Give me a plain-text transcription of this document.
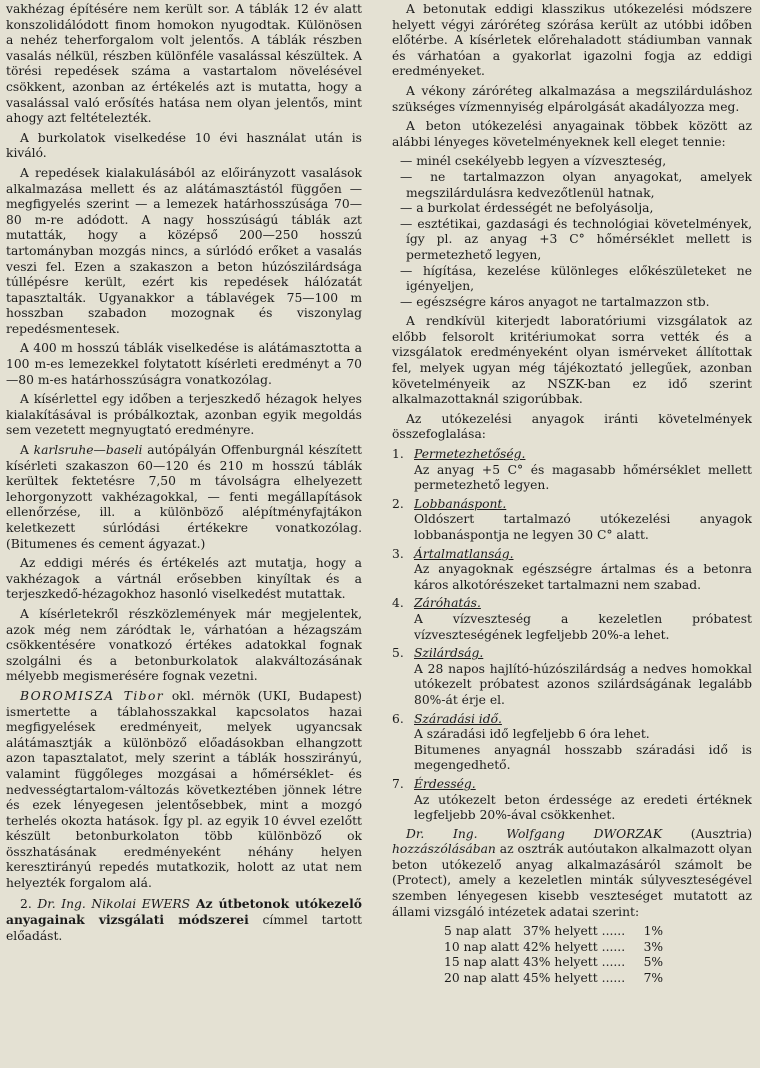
vakhézag építésére nem került sor. A táblák 12 év alatt konszolidálódott finom homokon nyugodtak. Különösen a nehéz teherforgalom volt jelentős. A táblák részben vasalás nélkül, részben különféle vasalással készültek. A törési repedések száma a vastartalom növelésével csökkent, azonban az értékelés azt is mutatta, hogy a vasalással való erősítés hatása nem olyan jelentős, mint ahogy azt feltételezték.

A burkolatok viselkedése 10 évi használat után is kiváló.

A repedések kialakulásából az előirányzott vasalások alkalmazása mellett és az alátámasztástól függően — megfigyelés szerint — a lemezek határhosszúsága 70—80 m-re adódott. A nagy hosszúságú táblák azt mutatták, hogy a középső 200—250 hosszú tartományban mozgás nincs, a súrlódó erőket a vasalás veszi fel. Ezen a szakaszon a beton húzószilárdsága túllépésre került, ezért kis repedések hálózatát tapasztalták. Ugyanakkor a táblavégek 75—100 m hosszban szabadon mozognak és viszonylag repedésmentesek.

A 400 m hosszú táblák viselkedése is alátámasztotta a 100 m-es lemezekkel folytatott kísérleti eredményt a 70—80 m-es határhosszúságra vonatkozólag.

A kísérlettel egy időben a terjeszkedő hézagok helyes kialakításával is próbálkoztak, azonban egyik megoldás sem vezetett megnyugtató eredményre.

A karlsruhe—baseli autópályán Offenburgnál készített kísérleti szakaszon 60—120 és 210 m hosszú táblák kerültek fektetésre 7,50 m távolságra elhelyezett lehorgonyzott vakhézagokkal, — fenti megállapítások ellenőrzése, ill. a különböző alépítményfajtákon keletkezett súrlódási értékekre vonatkozólag. (Bitumenes és cement ágyazat.)

Az eddigi mérés és értékelés azt mutatja, hogy a vakhézagok a vártnál erősebben kinyíltak és a terjeszkedő-hézagokhoz hasonló viselkedést mutattak.

A kísérletekről részközlemények már megjelentek, azok még nem záródtak le, várhatóan a hézagszám csökkentésére vonatkozó értékes adatokkal fognak szolgálni és a betonburkolatok alakváltozásának mélyebb megismerésére fognak vezetni.

BOROMISZA Tibor okl. mérnök (UKI, Budapest) ismertette a táblahosszakkal kapcsolatos hazai megfigyelések eredményeit, melyek ugyancsak alátámasztják a különböző előadásokban elhangzott azon tapasztalatot, mely szerint a táblák hosszirányú, valamint függőleges mozgásai a hőmérséklet- és nedvességtartalom-változás következtében jönnek létre és ezek lényegesen jelentősebbek, mint a mozgó terhelés okozta hatások. Így pl. az egyik 10 évvel ezelőtt készült betonburkolaton több különböző ok összhatásának eredményeként néhány helyen keresztirányú repedés mutatkozik, holott az utat nem helyezték forgalom alá.

2. Dr. Ing. Nikolai EWERS Az útbetonok utókezelő anyagainak vizsgálati módszerei címmel tartott előadást.

A betonutak eddigi klasszikus utókezelési módszere helyett végyi záróréteg szórása került az utóbbi időben előtérbe. A kísérletek előrehaladott stádiumban vannak és várhatóan a gyakorlat igazolni fogja az eddigi eredményeket.

A vékony záróréteg alkalmazása a megszilárduláshoz szükséges vízmennyiség elpárolgását akadályozza meg.

A beton utókezelési anyagainak többek között az alábbi lényeges követelményeknek kell eleget tennie:

— minél csekélyebb legyen a vízveszteség,
— ne tartalmazzon olyan anyagokat, amelyek megszilárdulásra kedvezőtlenül hatnak,
— a burkolat érdességét ne befolyásolja,
— esztétikai, gazdasági és technológiai követelmények, így pl. az anyag +3 C° hőmérséklet mellett is permetezhető legyen,
— hígítása, kezelése különleges előkészületeket ne igényeljen,
— egészségre káros anyagot ne tartalmazzon stb.

A rendkívül kiterjedt laboratóriumi vizsgálatok az előbb felsorolt kritériumokat sorra vették és a vizsgálatok eredményeként olyan ismérveket állítottak fel, melyek ugyan még tájékoztató jellegűek, azonban követelményeik az NSZK-ban ez idő szerint alkalmazottaknál szigorúbbak.

Az utókezelési anyagok iránti követelmények összefoglalása:

1. Permetezhetőség.
Az anyag +5 C° és magasabb hőmérséklet mellett permetezhető legyen.
2. Lobbanáspont.
Oldószert tartalmazó utókezelési anyagok lobbanáspontja ne legyen 30 C° alatt.
3. Ártalmatlanság.
Az anyagoknak egészségre ártalmas és a betonra káros alkotórészeket tartalmazni nem szabad.
4. Záróhatás.
A vízveszteség a kezeletlen próbatest vízveszteségének legfeljebb 20%-a lehet.
5. Szilárdság.
A 28 napos hajlító-húzószilárdság a nedves homokkal utókezelt próbatest azonos szilárdságának legalább 80%-át érje el.
6. Száradási idő.
A száradási idő legfeljebb 6 óra lehet.
Bitumenes anyagnál hosszabb száradási idő is megengedhető.
7. Érdesség.
Az utókezelt beton érdessége az eredeti értéknek legfeljebb 20%-ával csökkenhet.

Dr. Ing. Wolfgang DWORZAK (Ausztria) hozzászólásában az osztrák autóutakon alkalmazott olyan beton utókezelő anyag alkalmazásáról számolt be (Protect), amely a kezeletlen minták súlyveszteségével szemben lényegesen kisebb veszteséget mutatott az állami vizsgáló intézetek adatai szerint:

5 nap alatt	37%	helyett	......	1%
10 nap alatt	42%	helyett	......	3%
15 nap alatt	43%	helyett	......	5%
20 nap alatt	45%	helyett	......	7%
